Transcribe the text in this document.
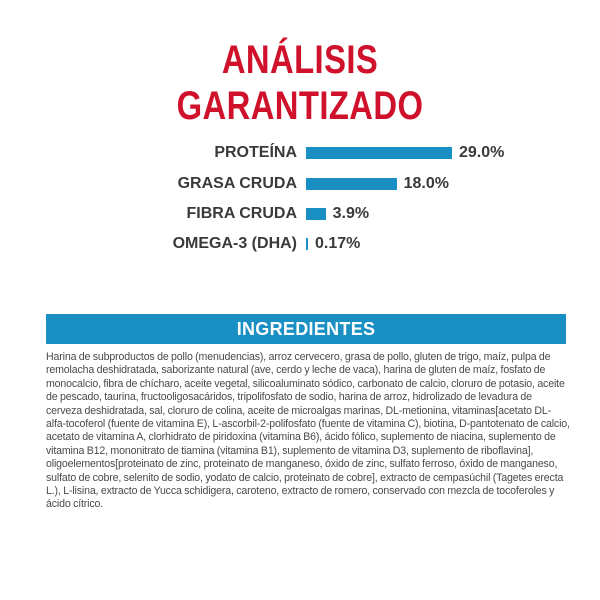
ANÁLISIS
GARANTIZADO
PROTEÍNA	29.0%
GRASA CRUDA	18.0%
FIBRA CRUDA 3.9%
OMEGA-3 (DHA) 0.17%
INGREDIENTES
Harina de subproductos de pollo (menudencias), arroz cervecero, grasa de pollo, gluten de trigo, maíz, pulpa de remolacha deshidratada, saborizante natural (ave, cerdo y leche de vaca), harina de gluten de maíz, fosfato de monocalcio, fibra de chícharo, aceite vegetal, silicoaluminato sódico, carbonato de calcio, cloruro de potasio, aceite de pescado, taurina, fructooligosacáridos, tripolifosfato de sodio, harina de arroz, hidrolizado de levadura de cerveza deshidratada, sal, cloruro de colina, aceite de microalgas marinas, DL-metionina, vitaminas[acetato DL-alfa-tocoferol (fuente de vitamina E), L-ascorbil-2-polifosfato (fuente de vitamina C), biotina, D-pantotenato de calcio, acetato de vitamina A, clorhidrato de piridoxina (vitamina B6), ácido fólico, suplemento de niacina, suplemento de vitamina B12, mononitrato de tiamina (vitamina B1), suplemento de vitamina D3, suplemento de riboflavina], oligoelementos[proteinato de zinc, proteinato de manganeso, óxido de zinc, sulfato ferroso, óxido de manganeso, sulfato de cobre, selenito de sodio, yodato de calcio, proteinato de cobre], extracto de cempasúchil (Tagetes erecta L.), L-lisina, extracto de Yucca schidigera, caroteno, extracto de romero, conservado con mezcla de tocoferoles y ácido cítrico.
